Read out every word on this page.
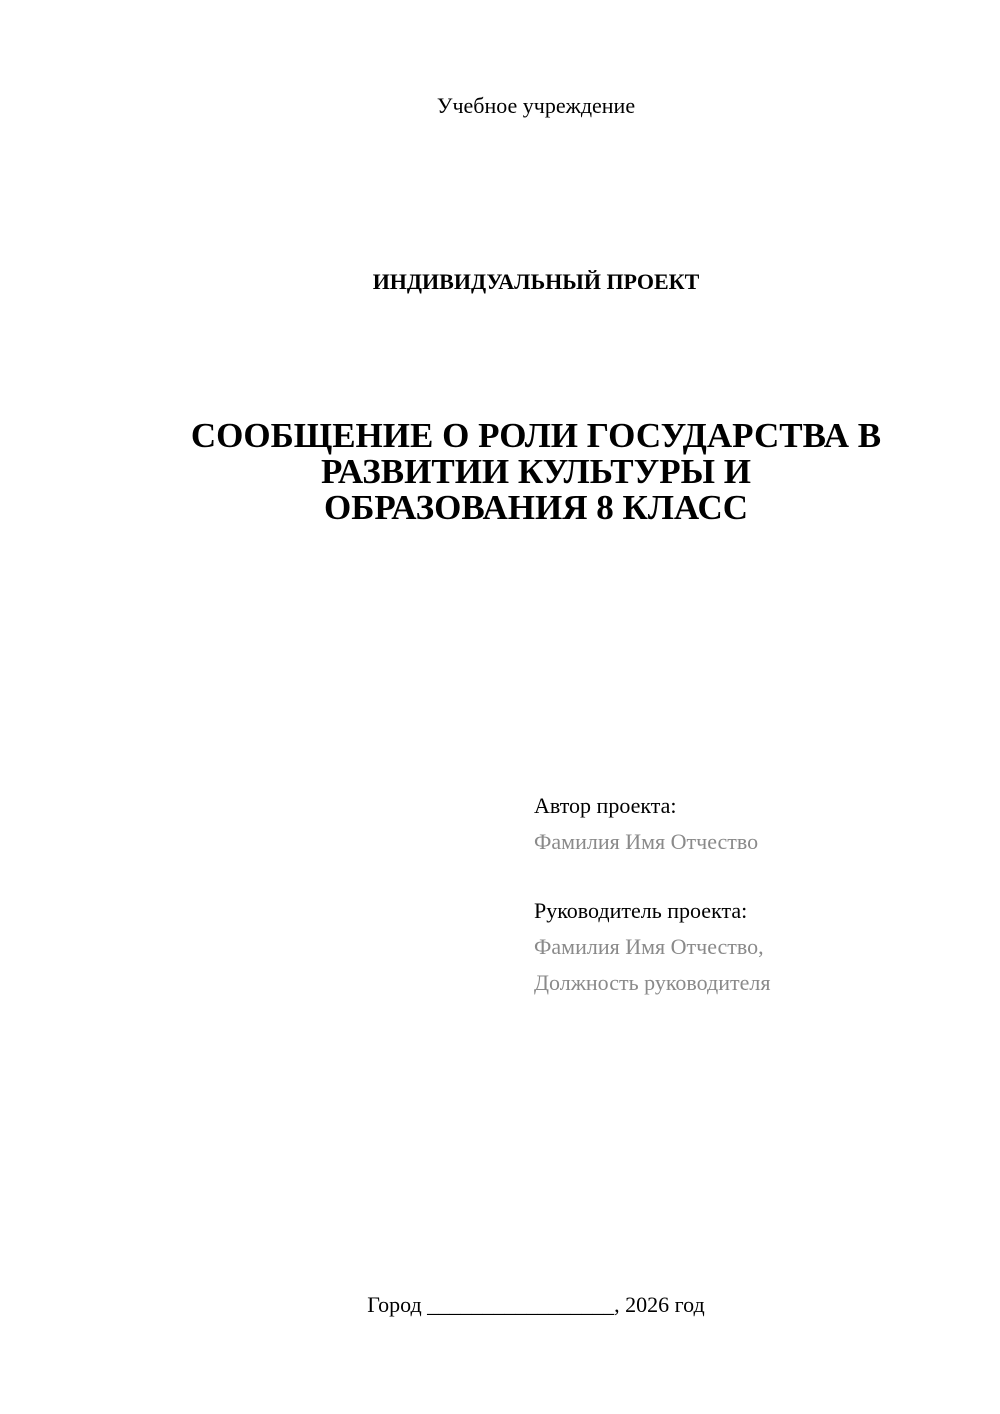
Учебное учреждение
ИНДИВИДУАЛЬНЫЙ ПРОЕКТ
СООБЩЕНИЕ О РОЛИ ГОСУДАРСТВА В
РАЗВИТИИ КУЛЬТУРЫ И
ОБРАЗОВАНИЯ 8 КЛАСС
Автор проекта:
Фамилия Имя Отчество
Руководитель проекта:
Фамилия Имя Отчество,
Должность руководителя
Город _________________, 2026 год
